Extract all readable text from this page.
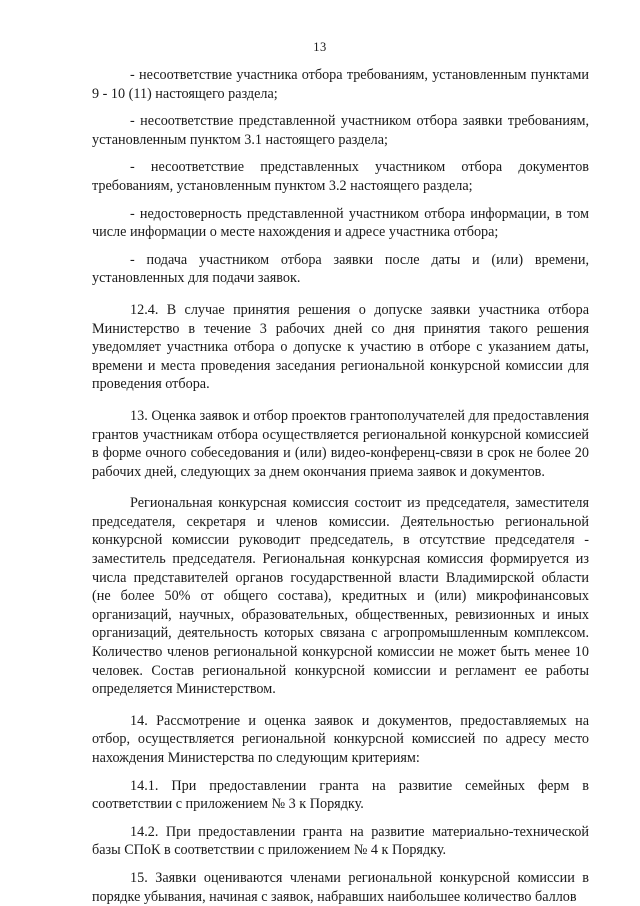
13

- несоответствие участника отбора требованиям, установленным пунктами 9 - 10 (11) настоящего раздела;

- несоответствие представленной участником отбора заявки требованиям, установленным пунктом 3.1 настоящего раздела;

- несоответствие представленных участником отбора документов требованиям, установленным пунктом 3.2 настоящего раздела;

- недостоверность представленной участником отбора информации, в том числе информации о месте нахождения и адресе участника отбора;

- подача участником отбора заявки после даты и (или) времени, установленных для подачи заявок.

12.4. В случае принятия решения о допуске заявки участника отбора Министерство в течение 3 рабочих дней со дня принятия такого решения уведомляет участника отбора о допуске к участию в отборе с указанием даты, времени и места проведения заседания региональной конкурсной комиссии для проведения отбора.

13. Оценка заявок и отбор проектов грантополучателей для предоставления грантов участникам отбора осуществляется региональной конкурсной комиссией в форме очного собеседования и (или) видео-конференц-связи в срок не более 20 рабочих дней, следующих за днем окончания приема заявок и документов.

Региональная конкурсная комиссия состоит из председателя, заместителя председателя, секретаря и членов комиссии. Деятельностью региональной конкурсной комиссии руководит председатель, в отсутствие председателя - заместитель председателя. Региональная конкурсная комиссия формируется из числа представителей органов государственной власти Владимирской области (не более 50% от общего состава), кредитных и (или) микрофинансовых организаций, научных, образовательных, общественных, ревизионных и иных организаций, деятельность которых связана с агропромышленным комплексом. Количество членов региональной конкурсной комиссии не может быть менее 10 человек. Состав региональной конкурсной комиссии и регламент ее работы определяется Министерством.

14. Рассмотрение и оценка заявок и документов, предоставляемых на отбор, осуществляется региональной конкурсной комиссией по адресу место нахождения Министерства по следующим критериям:

14.1. При предоставлении гранта на развитие семейных ферм в соответствии с приложением № 3 к Порядку.

14.2. При предоставлении гранта на развитие материально-технической базы СПоК в соответствии с приложением № 4 к Порядку.

15. Заявки оцениваются членами региональной конкурсной комиссии в порядке убывания, начиная с заявок, набравших наибольшее количество баллов
